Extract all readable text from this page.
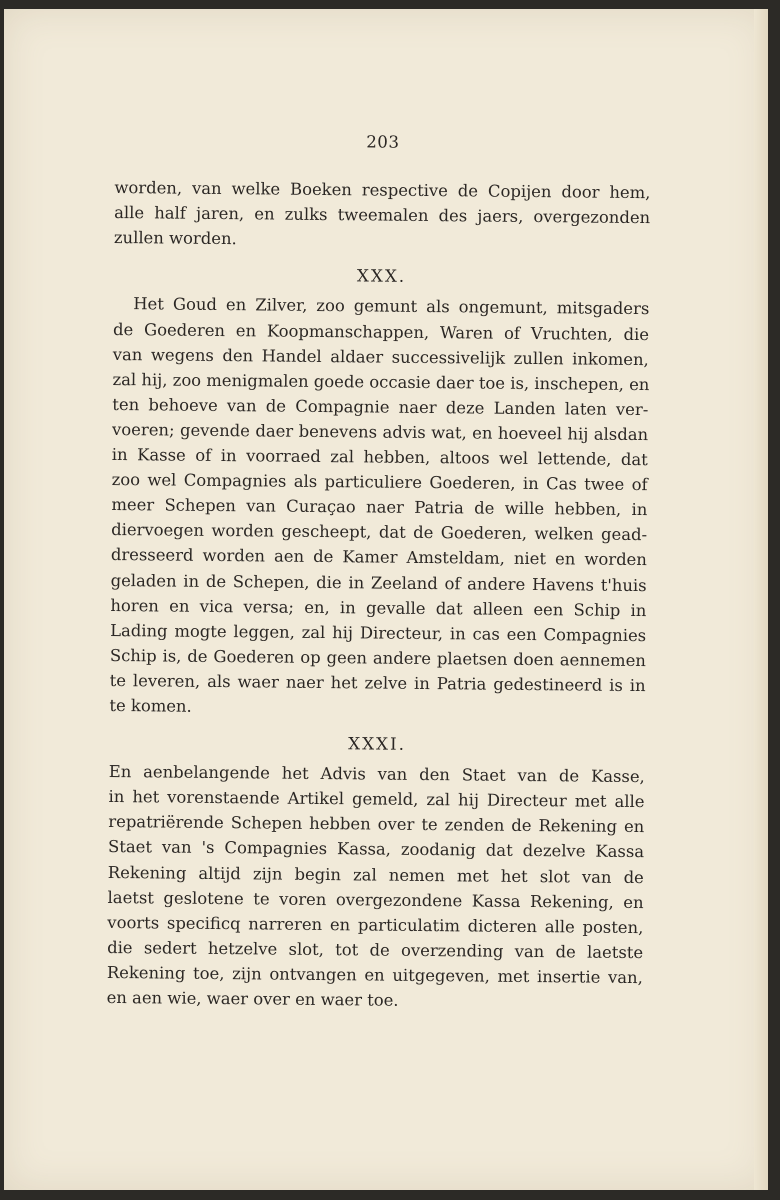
203
worden, van welke Boeken respective de Copijen door hem,
alle half jaren, en zulks tweemalen des jaers, overgezonden
zullen worden.
XXX.
Het Goud en Zilver, zoo gemunt als ongemunt, mitsgaders
de Goederen en Koopmanschappen, Waren of Vruchten, die
van wegens den Handel aldaer successivelijk zullen inkomen,
zal hij, zoo menigmalen goede occasie daer toe is, inschepen, en
ten behoeve van de Compagnie naer deze Landen laten ver-
voeren; gevende daer benevens advis wat, en hoeveel hij alsdan
in Kasse of in voorraed zal hebben, altoos wel lettende, dat
zoo wel Compagnies als particuliere Goederen, in Cas twee of
meer Schepen van Curaçao naer Patria de wille hebben, in
diervoegen worden gescheept, dat de Goederen, welken gead-
dresseerd worden aen de Kamer Amsteldam, niet en worden
geladen in de Schepen, die in Zeeland of andere Havens t'huis
horen en vica versa; en, in gevalle dat alleen een Schip in
Lading mogte leggen, zal hij Directeur, in cas een Compagnies
Schip is, de Goederen op geen andere plaetsen doen aennemen
te leveren, als waer naer het zelve in Patria gedestineerd is in
te komen.
XXXI.
En aenbelangende het Advis van den Staet van de Kasse,
in het vorenstaende Artikel gemeld, zal hij Directeur met alle
repatriërende Schepen hebben over te zenden de Rekening en
Staet van 's Compagnies Kassa, zoodanig dat dezelve Kassa
Rekening altijd zijn begin zal nemen met het slot van de
laetst geslotene te voren overgezondene Kassa Rekening, en
voorts specificq narreren en particulatim dicteren alle posten,
die sedert hetzelve slot, tot de overzending van de laetste
Rekening toe, zijn ontvangen en uitgegeven, met insertie van,
en aen wie, waer over en waer toe.
